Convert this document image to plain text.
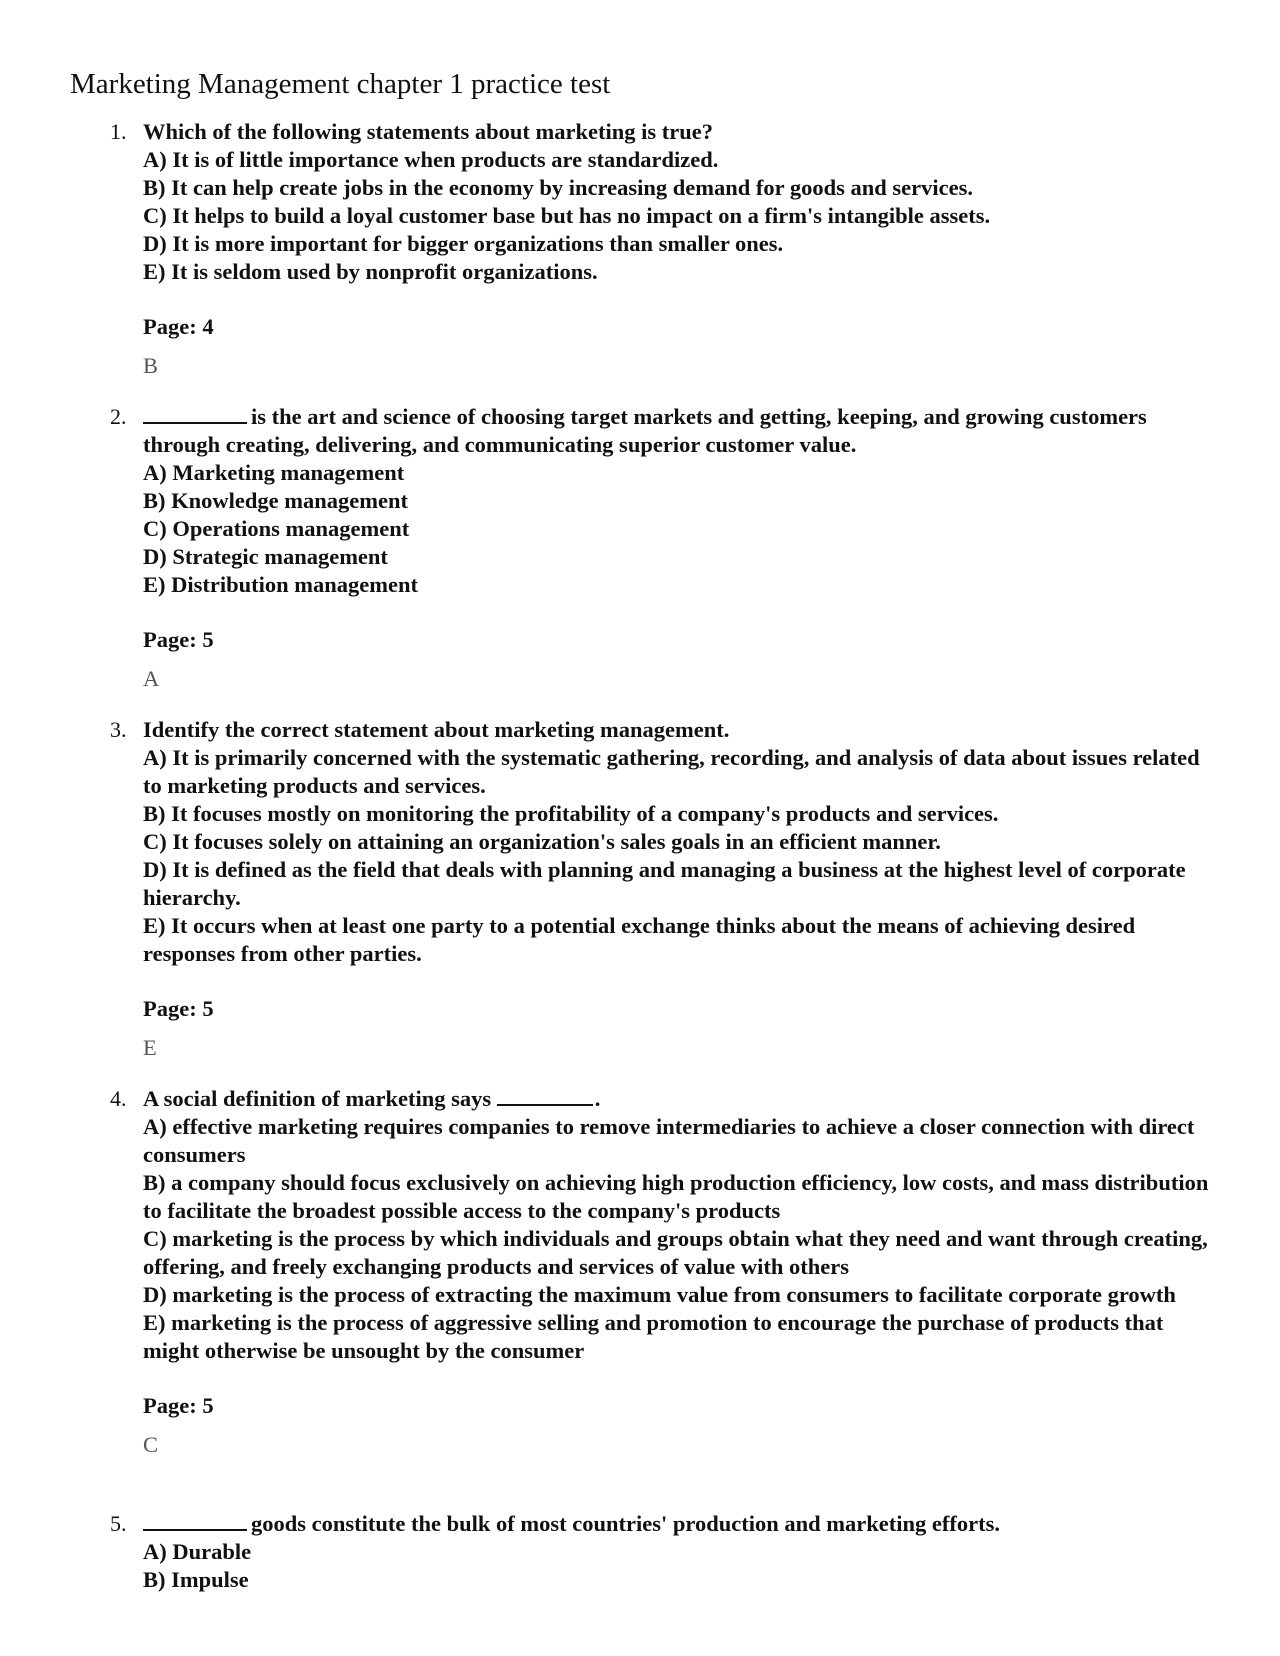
Marketing Management chapter 1 practice test
1. Which of the following statements about marketing is true?

A) It is of little importance when products are standardized.

B) It can help create jobs in the economy by increasing demand for goods and services.

C) It helps to build a loyal customer base but has no impact on a firm's intangible assets.

D) It is more important for bigger organizations than smaller ones.

E) It is seldom used by nonprofit organizations.

Page: 4

B

2.	is the art and science of choosing target markets and getting, keeping, and growing customers through creating, delivering, and communicating superior customer value.

A) Marketing management

B) Knowledge management

C) Operations management

D) Strategic management

E) Distribution management

Page: 5

A

3. Identify the correct statement about marketing management.

A) It is primarily concerned with the systematic gathering, recording, and analysis of data about issues related to marketing products and services.

B) It focuses mostly on monitoring the profitability of a company's products and services.

C) It focuses solely on attaining an organization's sales goals in an efficient manner.

D) It is defined as the field that deals with planning and managing a business at the highest level of corporate hierarchy.

E) It occurs when at least one party to a potential exchange thinks about the means of achieving desired responses from other parties.

Page: 5

E

4. A social definition of marketing says	.

A) effective marketing requires companies to remove intermediaries to achieve a closer connection with direct consumers

B) a company should focus exclusively on achieving high production efficiency, low costs, and mass distribution to facilitate the broadest possible access to the company's products

C) marketing is the process by which individuals and groups obtain what they need and want through creating, offering, and freely exchanging products and services of value with others

D) marketing is the process of extracting the maximum value from consumers to facilitate corporate growth

E) marketing is the process of aggressive selling and promotion to encourage the purchase of products that might otherwise be unsought by the consumer

Page: 5

C

5.	goods constitute the bulk of most countries' production and marketing efforts.

A) Durable

B) Impulse
